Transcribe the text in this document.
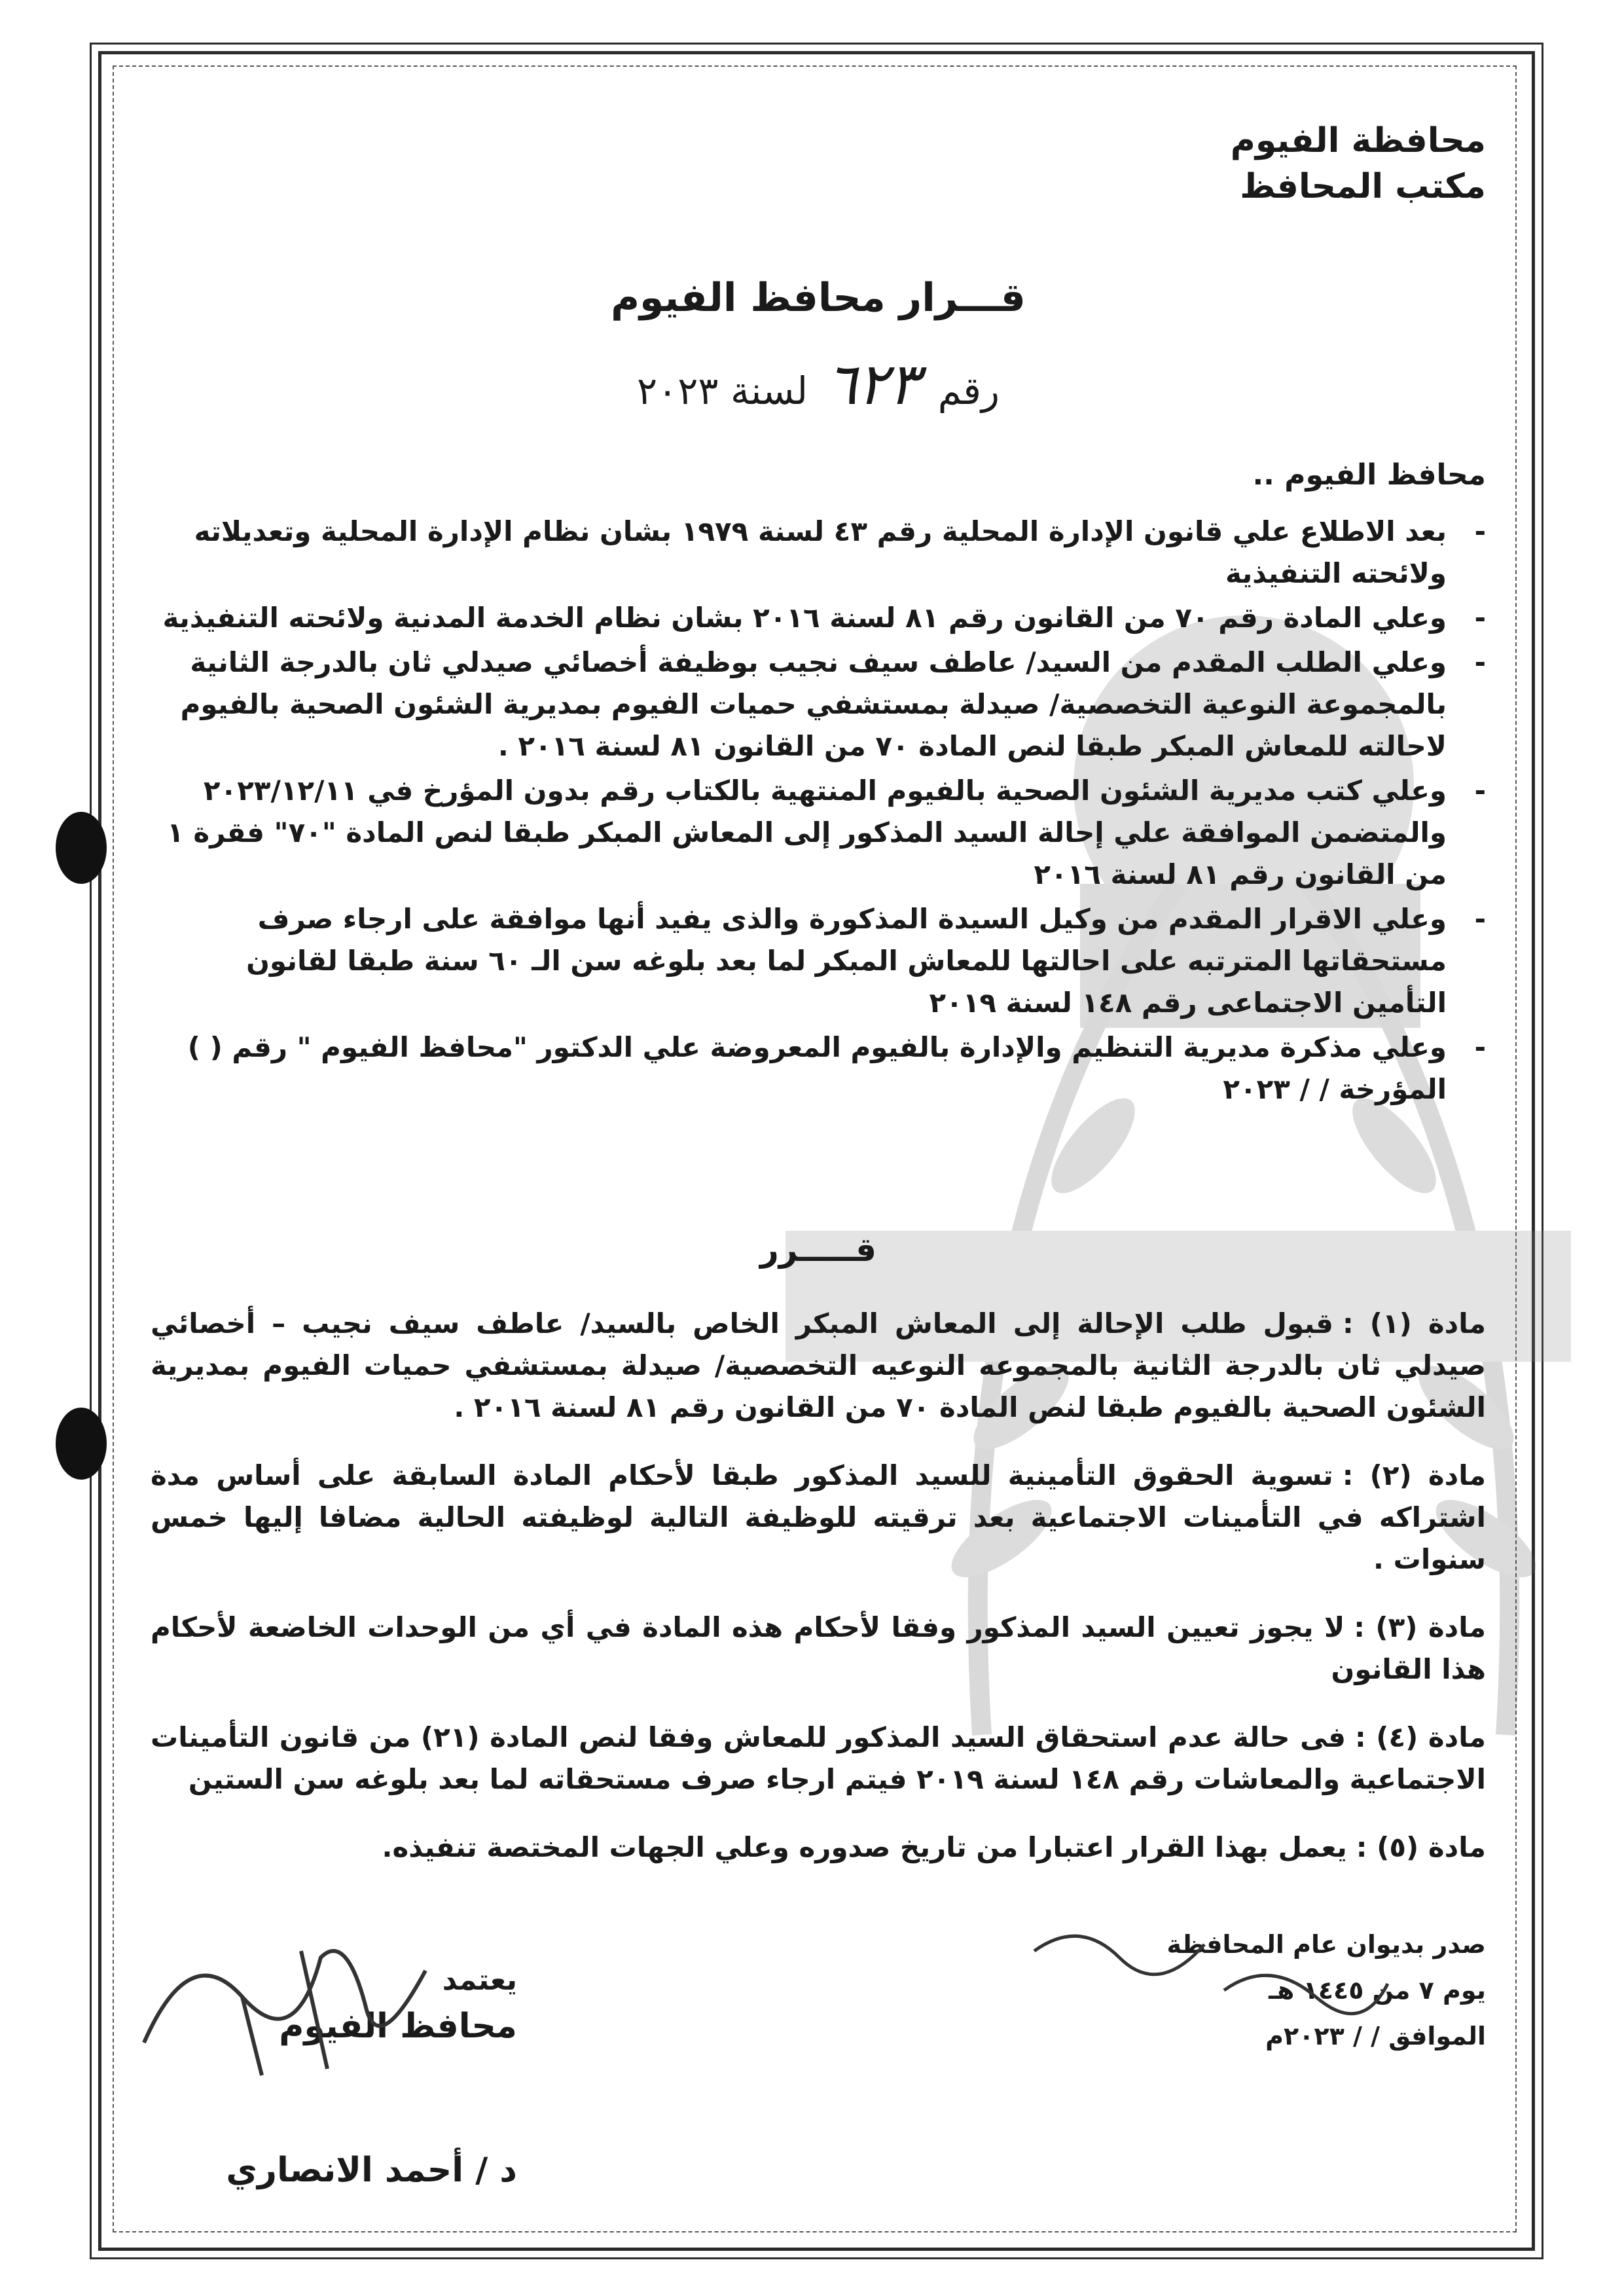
محافظة الفيوم
مكتب المحافظ
قـــرار محافظ الفيوم
رقم ٦٢٣ لسنة ٢٠٢٣
محافظ الفيوم ..
- بعد الاطلاع علي قانون الإدارة المحلية رقم ٤٣ لسنة ١٩٧٩ بشان نظام الإدارة المحلية وتعديلاته ولائحته التنفيذية
- وعلي المادة رقم ٧٠ من القانون رقم ٨١ لسنة ٢٠١٦ بشان نظام الخدمة المدنية ولائحته التنفيذية
- وعلي الطلب المقدم من السيد/ عاطف سيف نجيب بوظيفة أخصائي صيدلي ثان بالدرجة الثانية بالمجموعة النوعية التخصصية/ صيدلة بمستشفي حميات الفيوم بمديرية الشئون الصحية بالفيوم لاحالته للمعاش المبكر طبقا لنص المادة ٧٠ من القانون ٨١ لسنة ٢٠١٦ .
- وعلي كتب مديرية الشئون الصحية بالفيوم المنتهية بالكتاب رقم بدون المؤرخ في ٢٠٢٣/١٢/١١ والمتضمن الموافقة علي إحالة السيد المذكور إلى المعاش المبكر طبقا لنص المادة "٧٠" فقرة ١ من القانون رقم ٨١ لسنة ٢٠١٦
- وعلي الاقرار المقدم من وكيل السيدة المذكورة والذى يفيد أنها موافقة على ارجاء صرف مستحقاتها المترتبه على احالتها للمعاش المبكر لما بعد بلوغه سن الـ ٦٠ سنة طبقا لقانون التأمين الاجتماعى رقم ١٤٨ لسنة ٢٠١٩
- وعلي مذكرة مديرية التنظيم والإدارة بالفيوم المعروضة علي الدكتور "محافظ الفيوم " رقم ( ) المؤرخة / / ٢٠٢٣
قـــــرر
مادة (١) :قبول طلب الإحالة إلى المعاش المبكر الخاص بالسيد/ عاطف سيف نجيب – أخصائي صيدلي ثان بالدرجة الثانية بالمجموعه النوعيه التخصصية/ صيدلة بمستشفي حميات الفيوم بمديرية الشئون الصحية بالفيوم طبقا لنص المادة ٧٠ من القانون رقم ٨١ لسنة ٢٠١٦ .
مادة (٢) :تسوية الحقوق التأمينية للسيد المذكور طبقا لأحكام المادة السابقة على أساس مدة اشتراكه في التأمينات الاجتماعية بعد ترقيته للوظيفة التالية لوظيفته الحالية مضافا إليها خمس سنوات .
مادة (٣) :لا يجوز تعيين السيد المذكور وفقا لأحكام هذه المادة في أي من الوحدات الخاضعة لأحكام هذا القانون
مادة (٤) :فى حالة عدم استحقاق السيد المذكور للمعاش وفقا لنص المادة (٢١) من قانون التأمينات الاجتماعية والمعاشات رقم ١٤٨ لسنة ٢٠١٩ فيتم ارجاء صرف مستحقاته لما بعد بلوغه سن الستين
مادة (٥) :يعمل بهذا القرار اعتبارا من تاريخ صدوره وعلي الجهات المختصة تنفيذه.
صدر بديوان عام المحافظة
يوم ٧ من ١٤٤٥ هـ
الموافق / / ٢٠٢٣م
يعتمد
محافظ الفيوم
د / أحمد الانصاري
